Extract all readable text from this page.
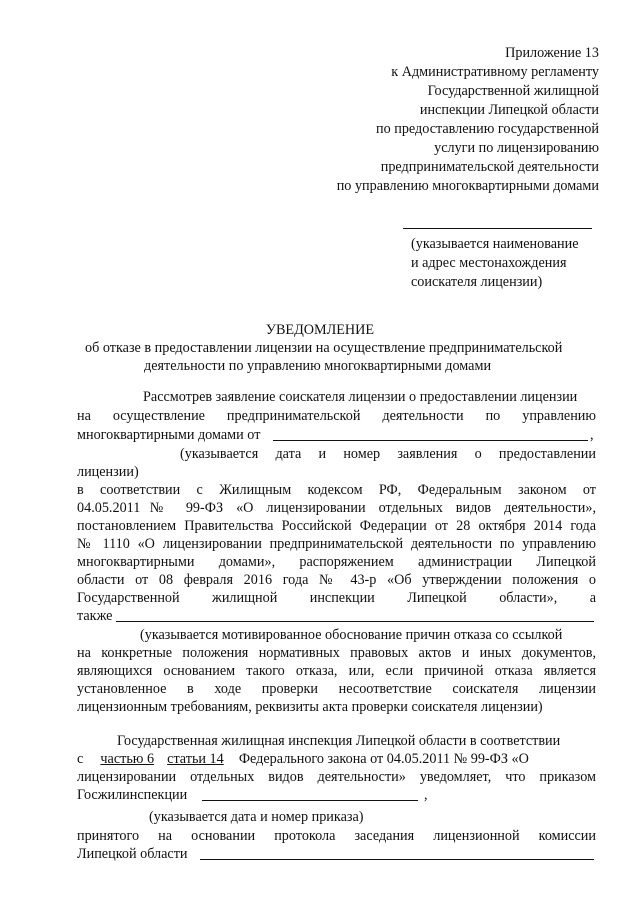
Приложение 13
к Административному регламенту
Государственной жилищной
инспекции Липецкой области
по предоставлению государственной
услуги по лицензированию
предпринимательской деятельности
по управлению многоквартирными домами
(указывается наименование
и адрес местонахождения
соискателя лицензии)
УВЕДОМЛЕНИЕ
об отказе в предоставлении лицензии на осуществление предпринимательской
деятельности по управлению многоквартирными домами
Рассмотрев заявление соискателя лицензии о предоставлении лицензии
на осуществление предпринимательской деятельности по управлению
многоквартирными домами от	,
(указывается дата и номер заявления о предоставлении
лицензии)
в соответствии с Жилищным кодексом РФ, Федеральным законом от
04.05.2011№ 99-ФЗ «О лицензировании отдельных видов деятельности»,
постановлением Правительства Российской Федерации от 28 октября 2014 года
№ 1110 «О лицензировании предпринимательской деятельности по управлению
многоквартирными домами», распоряжением администрации Липецкой
области от 08 февраля 2016 года № 43-р «Об утверждении положения о
Государственной жилищной инспекции Липецкой области», а
также
(указывается мотивированное обоснование причин отказа со ссылкой
на конкретные положения нормативных правовых актов и иных документов,
являющихся основанием такого отказа, или, если причиной отказа является
установленное в ходе проверки несоответствие соискателя лицензии
лицензионным требованиям, реквизиты акта проверки соискателя лицензии)
Государственная жилищная инспекция Липецкой области в соответствии
с частью 6 статьи 14 Федерального закона от 04.05.2011 № 99-ФЗ «О
лицензировании отдельных видов деятельности» уведомляет, что приказом
Госжилинспекции	,
(указывается дата и номер приказа)
принятого на основании протокола заседания лицензионной комиссии
Липецкой области
